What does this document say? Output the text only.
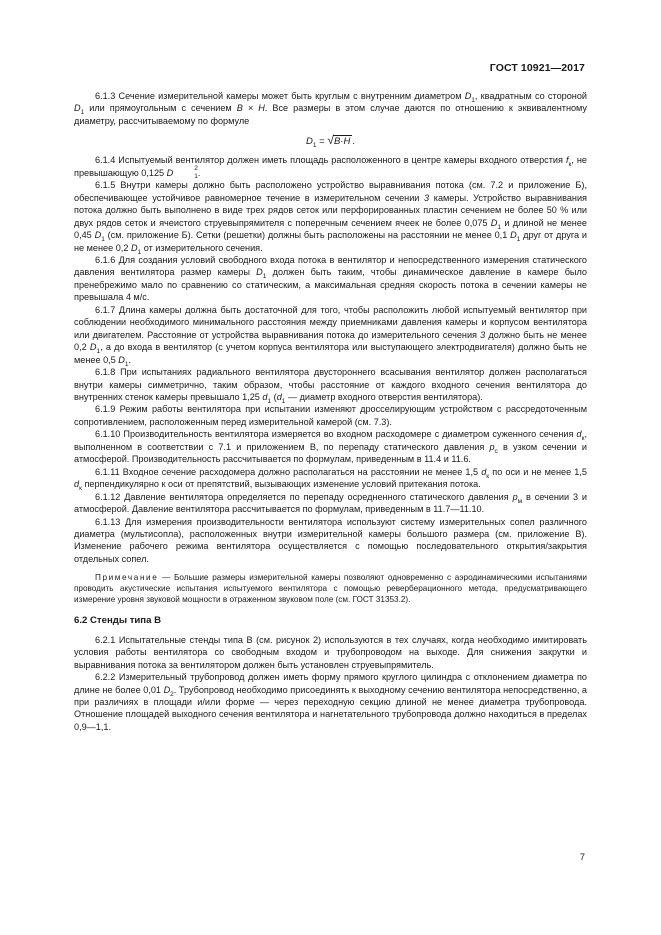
ГОСТ 10921—2017

6.1.3 Сечение измерительной камеры может быть круглым с внутренним диаметром $D_1$, квадратным со стороной $D_1$ или прямоугольным с сечением B × H. Все размеры в этом случае даются по отношению к эквивалентному диаметру, рассчитываемому по формуле

$D_1 = √B\cdot H$ .

6.1.4 Испытуемый вентилятор должен иметь площадь расположенного в центре камеры входного отверстия $f_к$, не превышающую 0,125 D	2
1 .

6.1.5 Внутри камеры должно быть расположено устройство выравнивания потока (см. 7.2 и приложение Б), обеспечивающее устойчивое равномерное течение в измерительном сечении 3 камеры. Устройство выравнивания потока должно быть выполнено в виде трех рядов сеток или перфорированных пластин сечением не более 50 % или двух рядов сеток и ячеистого струевыпрямителя с поперечным сечением ячеек не более 0,075 $D_1$ и длиной не менее 0,45 $D_1$ (см. приложение Б). Сетки (решетки) должны быть расположены на расстоянии не менее 0,1 $D_1$ друг от друга и не менее 0,2 $D_1$ от измерительного сечения.

6.1.6 Для создания условий свободного входа потока в вентилятор и непосредственного измерения статического давления вентилятора размер камеры $D_1$ должен быть таким, чтобы динамическое давление в камере было пренебрежимо мало по сравнению со статическим, а максимальная средняя скорость потока в сечении камеры не превышала 4 м/с.

6.1.7 Длина камеры должна быть достаточной для того, чтобы расположить любой испытуемый вентилятор при соблюдении необходимого минимального расстояния между приемниками давления камеры и корпусом вентилятора или двигателем. Расстояние от устройства выравнивания потока до измерительного сечения 3 должно быть не менее 0,2 $D_1$, а до входа в вентилятор (с учетом корпуса вентилятора или выступающего электродвигателя) должно быть не менее 0,5 $D_1$.

6.1.8 При испытаниях радиального вентилятора двустороннего всасывания вентилятор должен располагаться внутри камеры симметрично, таким образом, чтобы расстояние от каждого входного сечения вентилятора до внутренних стенок камеры превышало 1,25 $d_1$ ($d_1$ — диаметр входного отверстия вентилятора).

6.1.9 Режим работы вентилятора при испытании изменяют дросселирующим устройством с рассредоточенным сопротивлением, расположенным перед измерительной камерой (см. 7.3).

6.1.10 Производительность вентилятора измеряется во входном расходомере с диаметром суженного сечения $d_к$, выполненном в соответствии с 7.1 и приложением В, по перепаду статического давления $p_с$ в узком сечении и атмосферой. Производительность рассчитывается по формулам, приведенным в 11.4 и 11.6.

6.1.11 Входное сечение расходомера должно располагаться на расстоянии не менее 1,5 $d_к$ по оси и не менее 1,5 $d_к$ перпендикулярно к оси от препятствий, вызывающих изменение условий притекания потока.

6.1.12 Давление вентилятора определяется по перепаду осредненного статического давления $p_м$ в сечении 3 и атмосферой. Давление вентилятора рассчитывается по формулам, приведенным в 11.7—11.10.

6.1.13 Для измерения производительности вентилятора используют систему измерительных сопел различного диаметра (мультисопла), расположенных внутри измерительной камеры большого размера (см. приложение В). Изменение рабочего режима вентилятора осуществляется с помощью последовательного открытия/закрытия отдельных сопел.

Примечание — Большие размеры измерительной камеры позволяют одновременно с аэродинамическими испытаниями проводить акустические испытания испытуемого вентилятора с помощью реверберационного метода, предусматривающего измерение уровня звуковой мощности в отраженном звуковом поле (см. ГОСТ 31353.2).

6.2 Стенды типа В

6.2.1 Испытательные стенды типа В (см. рисунок 2) используются в тех случаях, когда необходимо имитировать условия работы вентилятора со свободным входом и трубопроводом на выходе. Для снижения закрутки и выравнивания потока за вентилятором должен быть установлен струевыпрямитель.

6.2.2 Измерительный трубопровод должен иметь форму прямого круглого цилиндра с отклонением диаметра по длине не более 0,01 $D_2$. Трубопровод необходимо присоединять к выходному сечению вентилятора непосредственно, а при различиях в площади и/или форме — через переходную секцию длиной не менее диаметра трубопровода. Отношение площадей выходного сечения вентилятора и нагнетательного трубопровода должно находиться в пределах 0,9—1,1.

7
